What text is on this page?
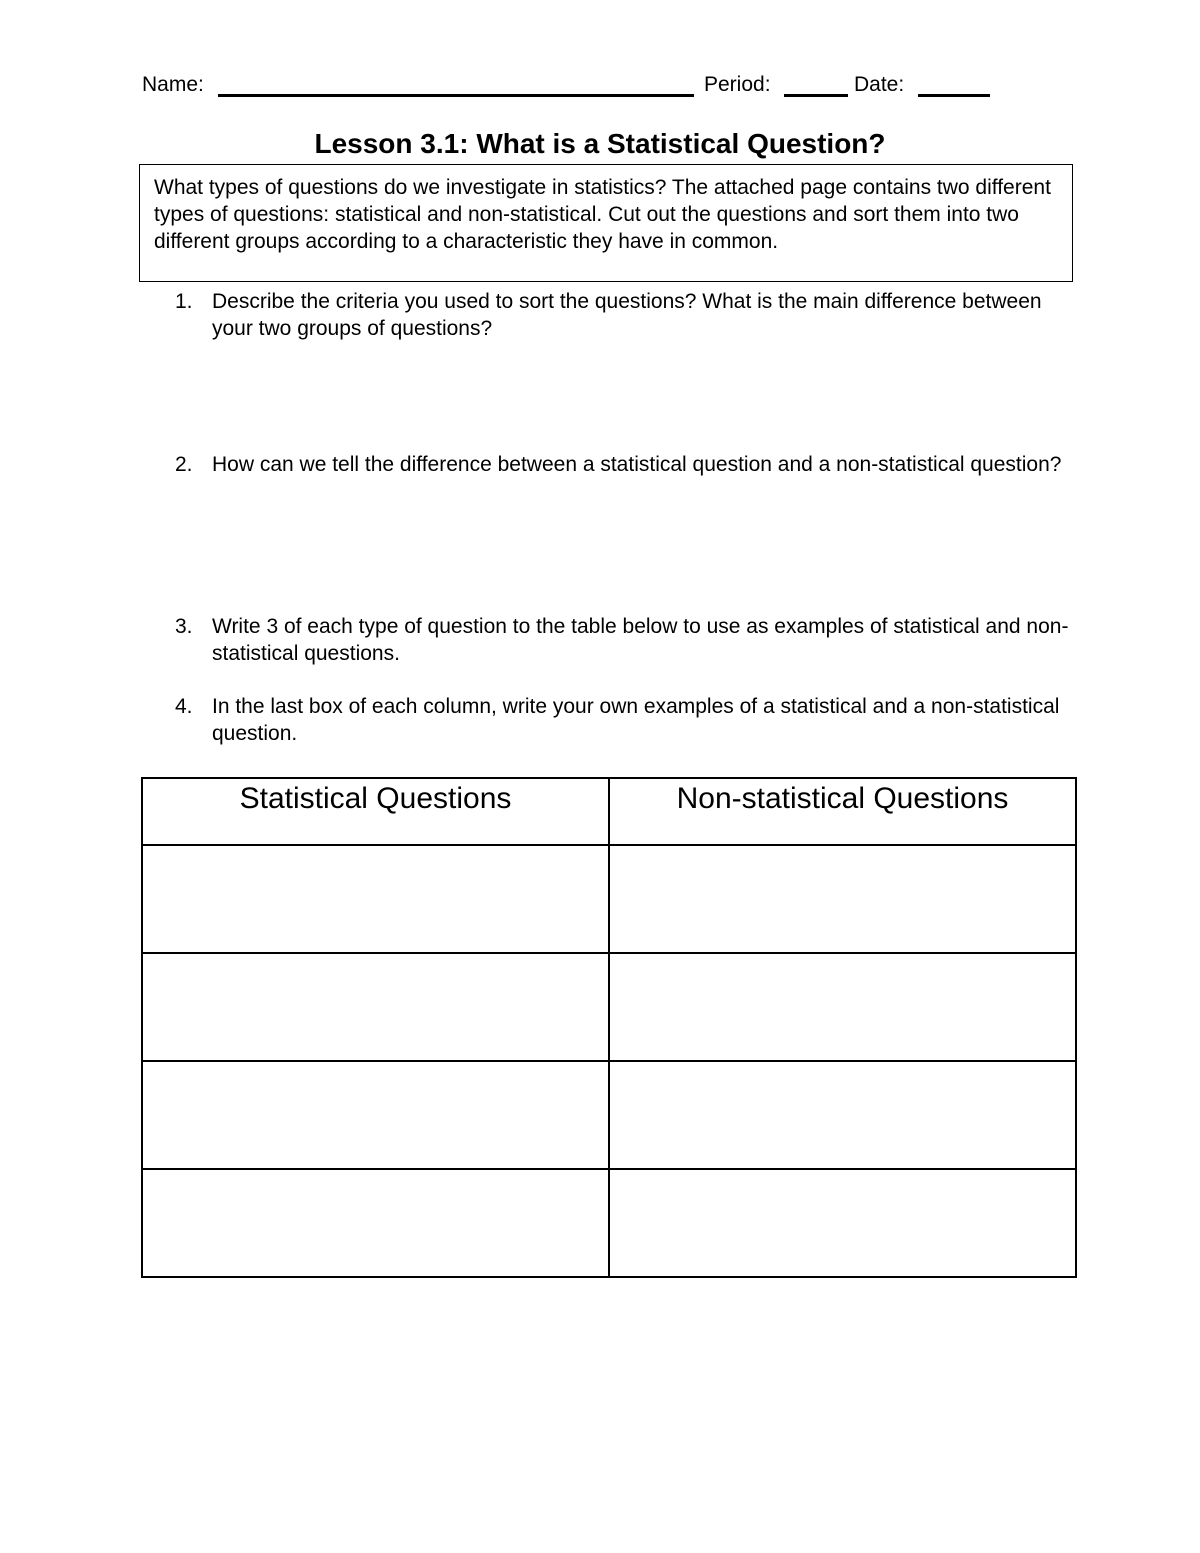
Name:	Period:	Date:
Lesson 3.1: What is a Statistical Question?
What types of questions do we investigate in statistics? The attached page contains two different types of questions: statistical and non-statistical. Cut out the questions and sort them into two different groups according to a characteristic they have in common.
1. Describe the criteria you used to sort the questions? What is the main difference between your two groups of questions?
2. How can we tell the difference between a statistical question and a non-statistical question?
3. Write 3 of each type of question to the table below to use as examples of statistical and non-statistical questions.
4. In the last box of each column, write your own examples of a statistical and a non-statistical question.
Statistical Questions	Non-statistical Questions
